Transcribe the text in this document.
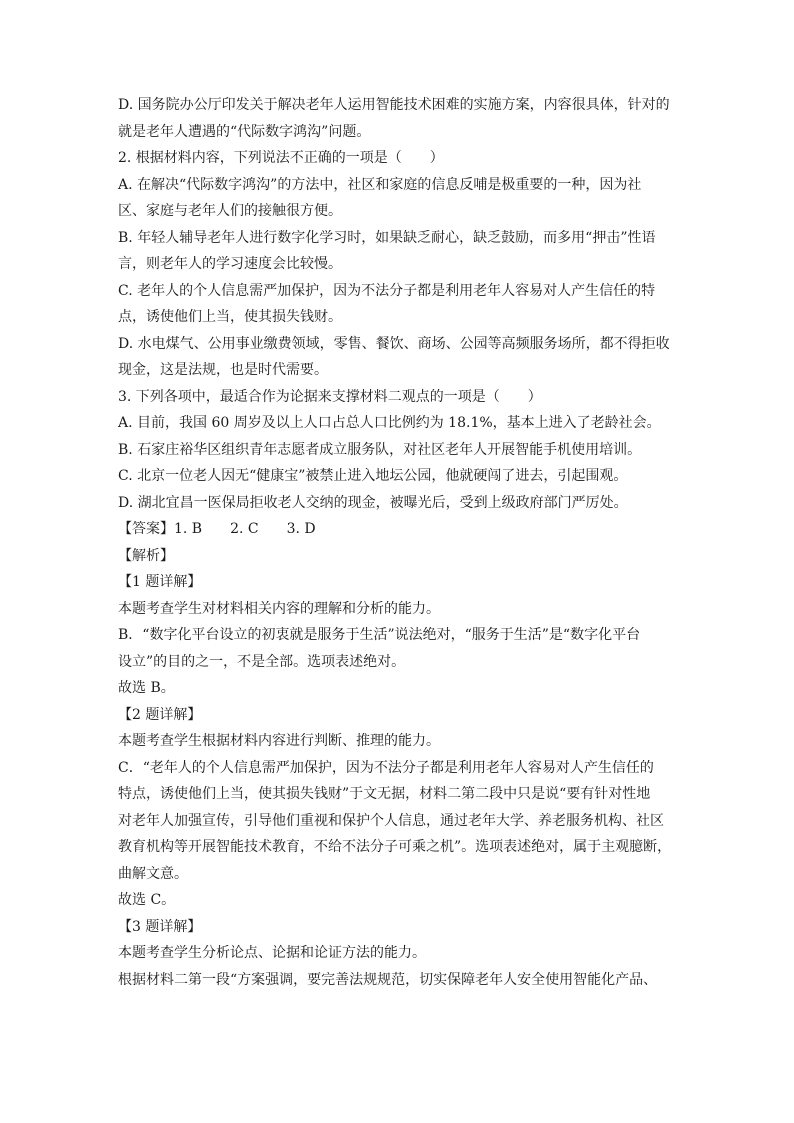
D. 国务院办公厅印发关于解决老年人运用智能技术困难的实施方案，内容很具体，针对的

就是老年人遭遇的“代际数字鸿沟”问题。

2. 根据材料内容，下列说法不正确的一项是（　　）

A. 在解决“代际数字鸿沟”的方法中，社区和家庭的信息反哺是极重要的一种，因为社

区、家庭与老年人们的接触很方便。

B. 年轻人辅导老年人进行数字化学习时，如果缺乏耐心，缺乏鼓励，而多用“押击”性语

言，则老年人的学习速度会比较慢。

C. 老年人的个人信息需严加保护，因为不法分子都是利用老年人容易对人产生信任的特

点，诱使他们上当，使其损失钱财。

D. 水电煤气、公用事业缴费领域，零售、餐饮、商场、公园等高频服务场所，都不得拒收

现金，这是法规，也是时代需要。

3. 下列各项中，最适合作为论据来支撑材料二观点的一项是（　　）

A. 目前，我国 60 周岁及以上人口占总人口比例约为 18.1%，基本上进入了老龄社会。

B. 石家庄裕华区组织青年志愿者成立服务队，对社区老年人开展智能手机使用培训。

C. 北京一位老人因无“健康宝”被禁止进入地坛公园，他就硬闯了进去，引起围观。

D. 湖北宜昌一医保局拒收老人交纳的现金，被曝光后，受到上级政府部门严厉处。

【答案】1. B　　2. C　　3. D

【解析】

【1 题详解】

本题考查学生对材料相关内容的理解和分析的能力。

B．“数字化平台设立的初衷就是服务于生活”说法绝对，“服务于生活”是“数字化平台

设立”的目的之一，不是全部。选项表述绝对。

故选 B。

【2 题详解】

本题考查学生根据材料内容进行判断、推理的能力。

C．“老年人的个人信息需严加保护，因为不法分子都是利用老年人容易对人产生信任的

特点，诱使他们上当，使其损失钱财”于文无据，材料二第二段中只是说“要有针对性地

对老年人加强宣传，引导他们重视和保护个人信息，通过老年大学、养老服务机构、社区

教育机构等开展智能技术教育，不给不法分子可乘之机”。选项表述绝对，属于主观臆断，

曲解文意。

故选 C。

【3 题详解】

本题考查学生分析论点、论据和论证方法的能力。

根据材料二第一段“方案强调，要完善法规规范，切实保障老年人安全使用智能化产品、
